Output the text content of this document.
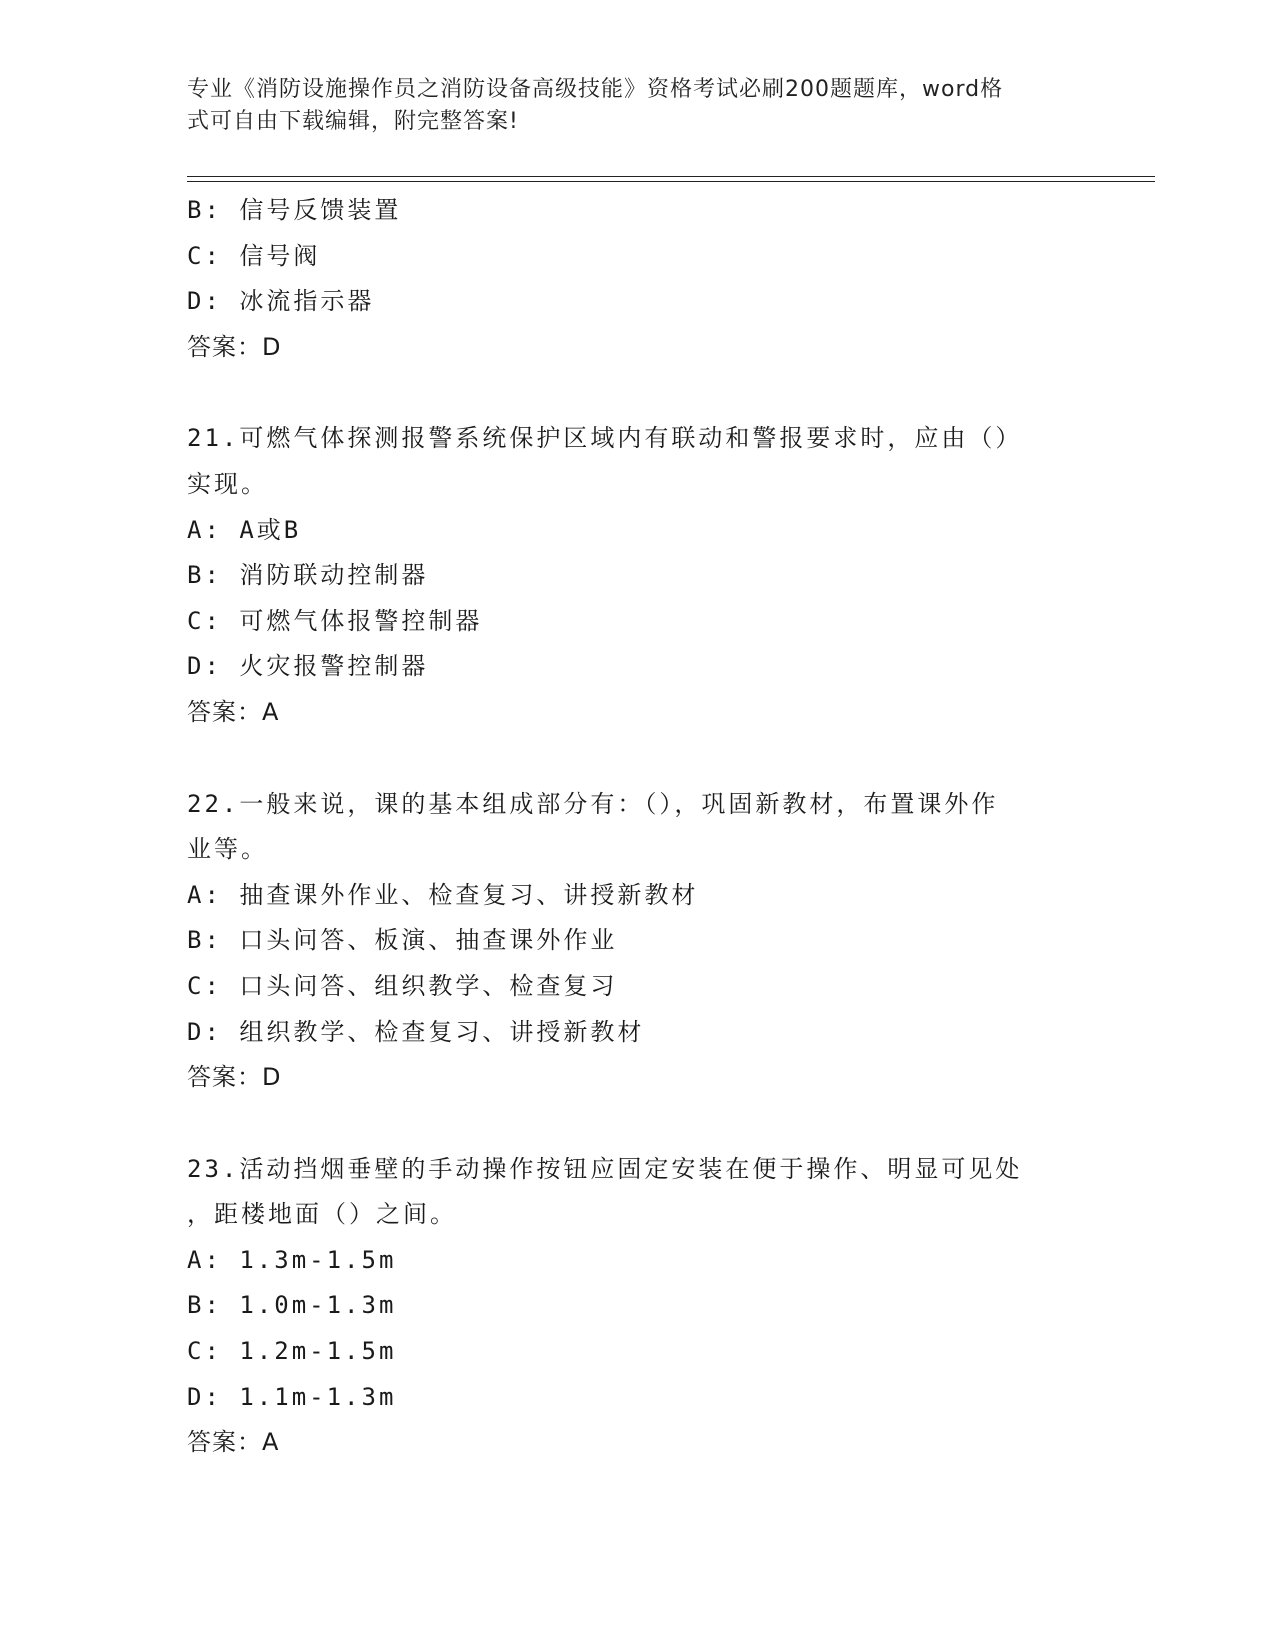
专业《消防设施操作员之消防设备高级技能》资格考试必刷200题题库，word格
式可自由下载编辑，附完整答案!
B: 信号反馈装置
C: 信号阀
D: 冰流指示器
答案：D
21.可燃气体探测报警系统保护区域内有联动和警报要求时，应由（）
实现。
A: A或B
B: 消防联动控制器
C: 可燃气体报警控制器
D: 火灾报警控制器
答案：A
22.一般来说，课的基本组成部分有：（），巩固新教材，布置课外作
业等。
A: 抽查课外作业、检查复习、讲授新教材
B: 口头问答、板演、抽查课外作业
C: 口头问答、组织教学、检查复习
D: 组织教学、检查复习、讲授新教材
答案：D
23.活动挡烟垂壁的手动操作按钮应固定安装在便于操作、明显可见处
，距楼地面（）之间。
A: 1.3m-1.5m
B: 1.0m-1.3m
C: 1.2m-1.5m
D: 1.1m-1.3m
答案：A
